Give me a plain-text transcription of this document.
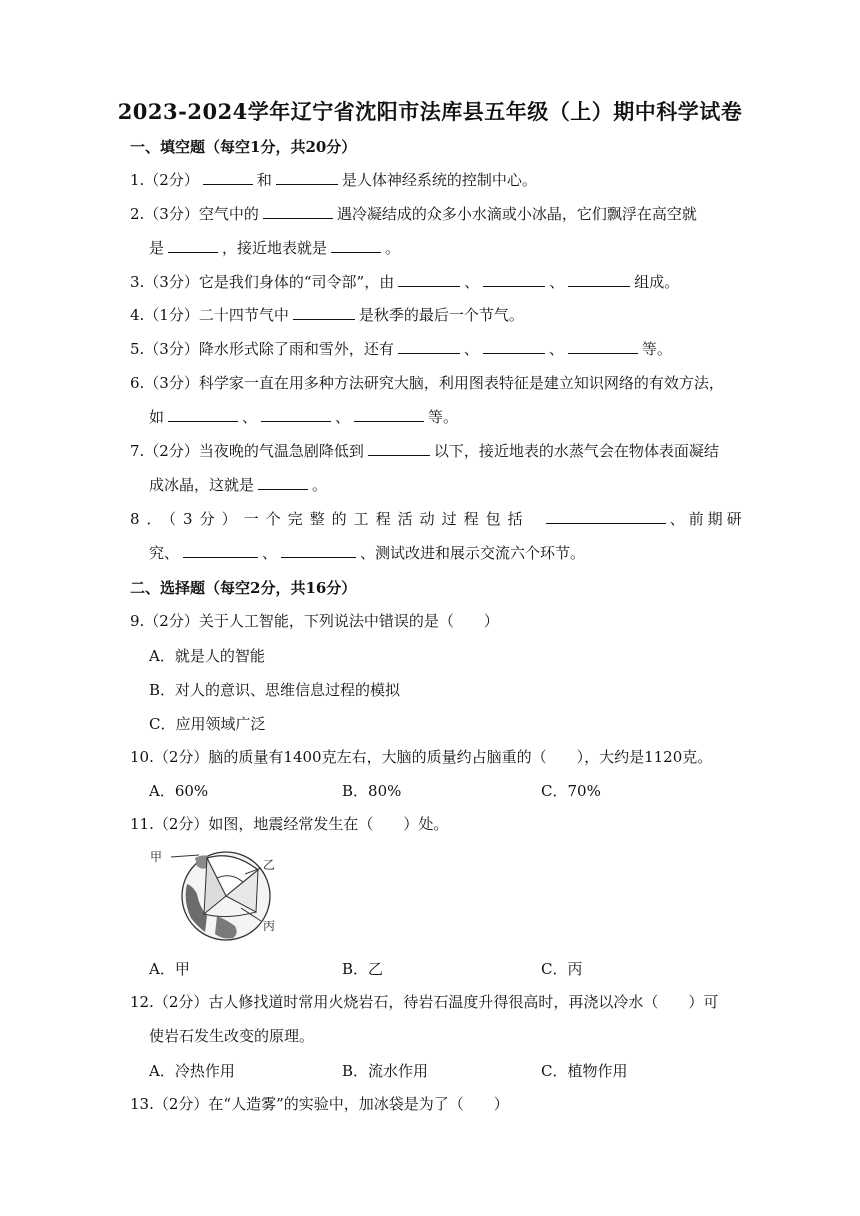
2023-2024学年辽宁省沈阳市法库县五年级（上）期中科学试卷
一、填空题（每空1分，共20分）
1.（2分）	和	是人体神经系统的控制中心。
2.（3分）空气中的	遇冷凝结成的众多小水滴或小冰晶，它们飘浮在高空就
是	，接近地表就是	。
3.（3分）它是我们身体的“司令部”，由	、	、	组成。
4.（1分）二十四节气中	是秋季的最后一个节气。
5.（3分）降水形式除了雨和雪外，还有	、	、	等。
6.（3分）科学家一直在用多种方法研究大脑，利用图表特征是建立知识网络的有效方法，
如	、	、	等。
7.（2分）当夜晚的气温急剧降低到	以下，接近地表的水蒸气会在物体表面凝结
成冰晶，这就是	。
8．（3分）一个完整的工程活动过程包括	、前期研
究、	、	、测试改进和展示交流六个环节。
二、选择题（每空2分，共16分）
9.（2分）关于人工智能，下列说法中错误的是（　　）
A．就是人的智能
B．对人的意识、思维信息过程的模拟
C．应用领域广泛
10.（2分）脑的质量有1400克左右，大脑的质量约占脑重的（　　），大约是1120克。
A．60%	B．80%	C．70%
11.（2分）如图，地震经常发生在（　　）处。
甲
乙
丙
A．甲	B．乙	C．丙
12.（2分）古人修找道时常用火烧岩石，待岩石温度升得很高时，再浇以冷水（　　）可
使岩石发生改变的原理。
A．冷热作用	B．流水作用	C．植物作用
13.（2分）在“人造雾”的实验中，加冰袋是为了（　　）
